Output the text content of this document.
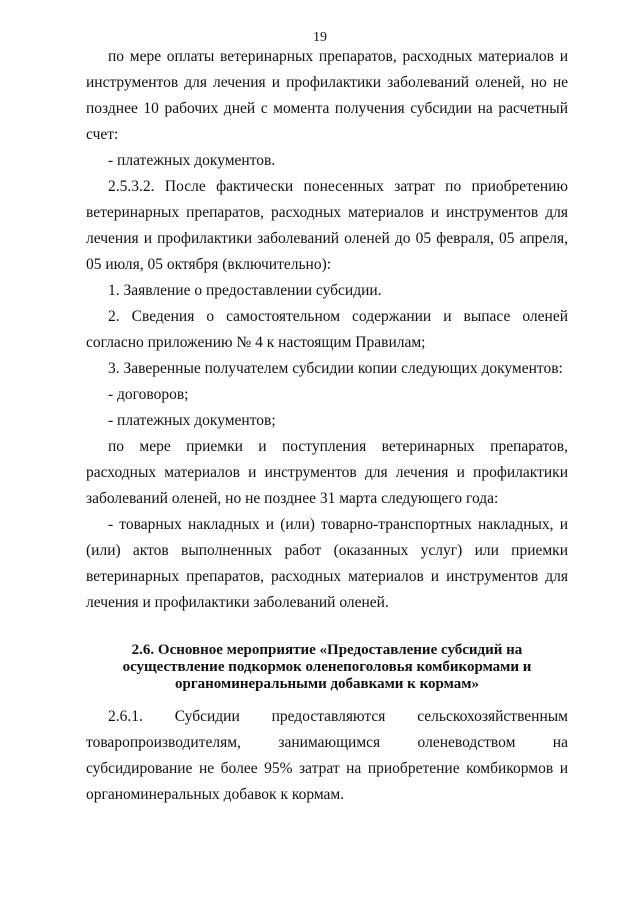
19

по мере оплаты ветеринарных препаратов, расходных материалов и инструментов для лечения и профилактики заболеваний оленей, но не позднее 10 рабочих дней с момента получения субсидии на расчетный счет:

- платежных документов.

2.5.3.2. После фактически понесенных затрат по приобретению ветеринарных препаратов, расходных материалов и инструментов для лечения и профилактики заболеваний оленей до 05 февраля, 05 апреля, 05 июля, 05 октября (включительно):

1. Заявление о предоставлении субсидии.

2. Сведения о самостоятельном содержании и выпасе оленей согласно приложению № 4 к настоящим Правилам;

3. Заверенные получателем субсидии копии следующих документов:

- договоров;

- платежных документов;

по мере приемки и поступления ветеринарных препаратов, расходных материалов и инструментов для лечения и профилактики заболеваний оленей, но не позднее 31 марта следующего года:

- товарных накладных и (или) товарно-транспортных накладных, и (или) актов выполненных работ (оказанных услуг) или приемки ветеринарных препаратов, расходных материалов и инструментов для лечения и профилактики заболеваний оленей.

2.6. Основное мероприятие «Предоставление субсидий на осуществление подкормок оленепоголовья комбикормами и органоминеральными добавками к кормам»

2.6.1. Субсидии предоставляются сельскохозяйственным товаропроизводителям, занимающимся оленеводством на субсидирование не более 95% затрат на приобретение комбикормов и органоминеральных добавок к кормам.
